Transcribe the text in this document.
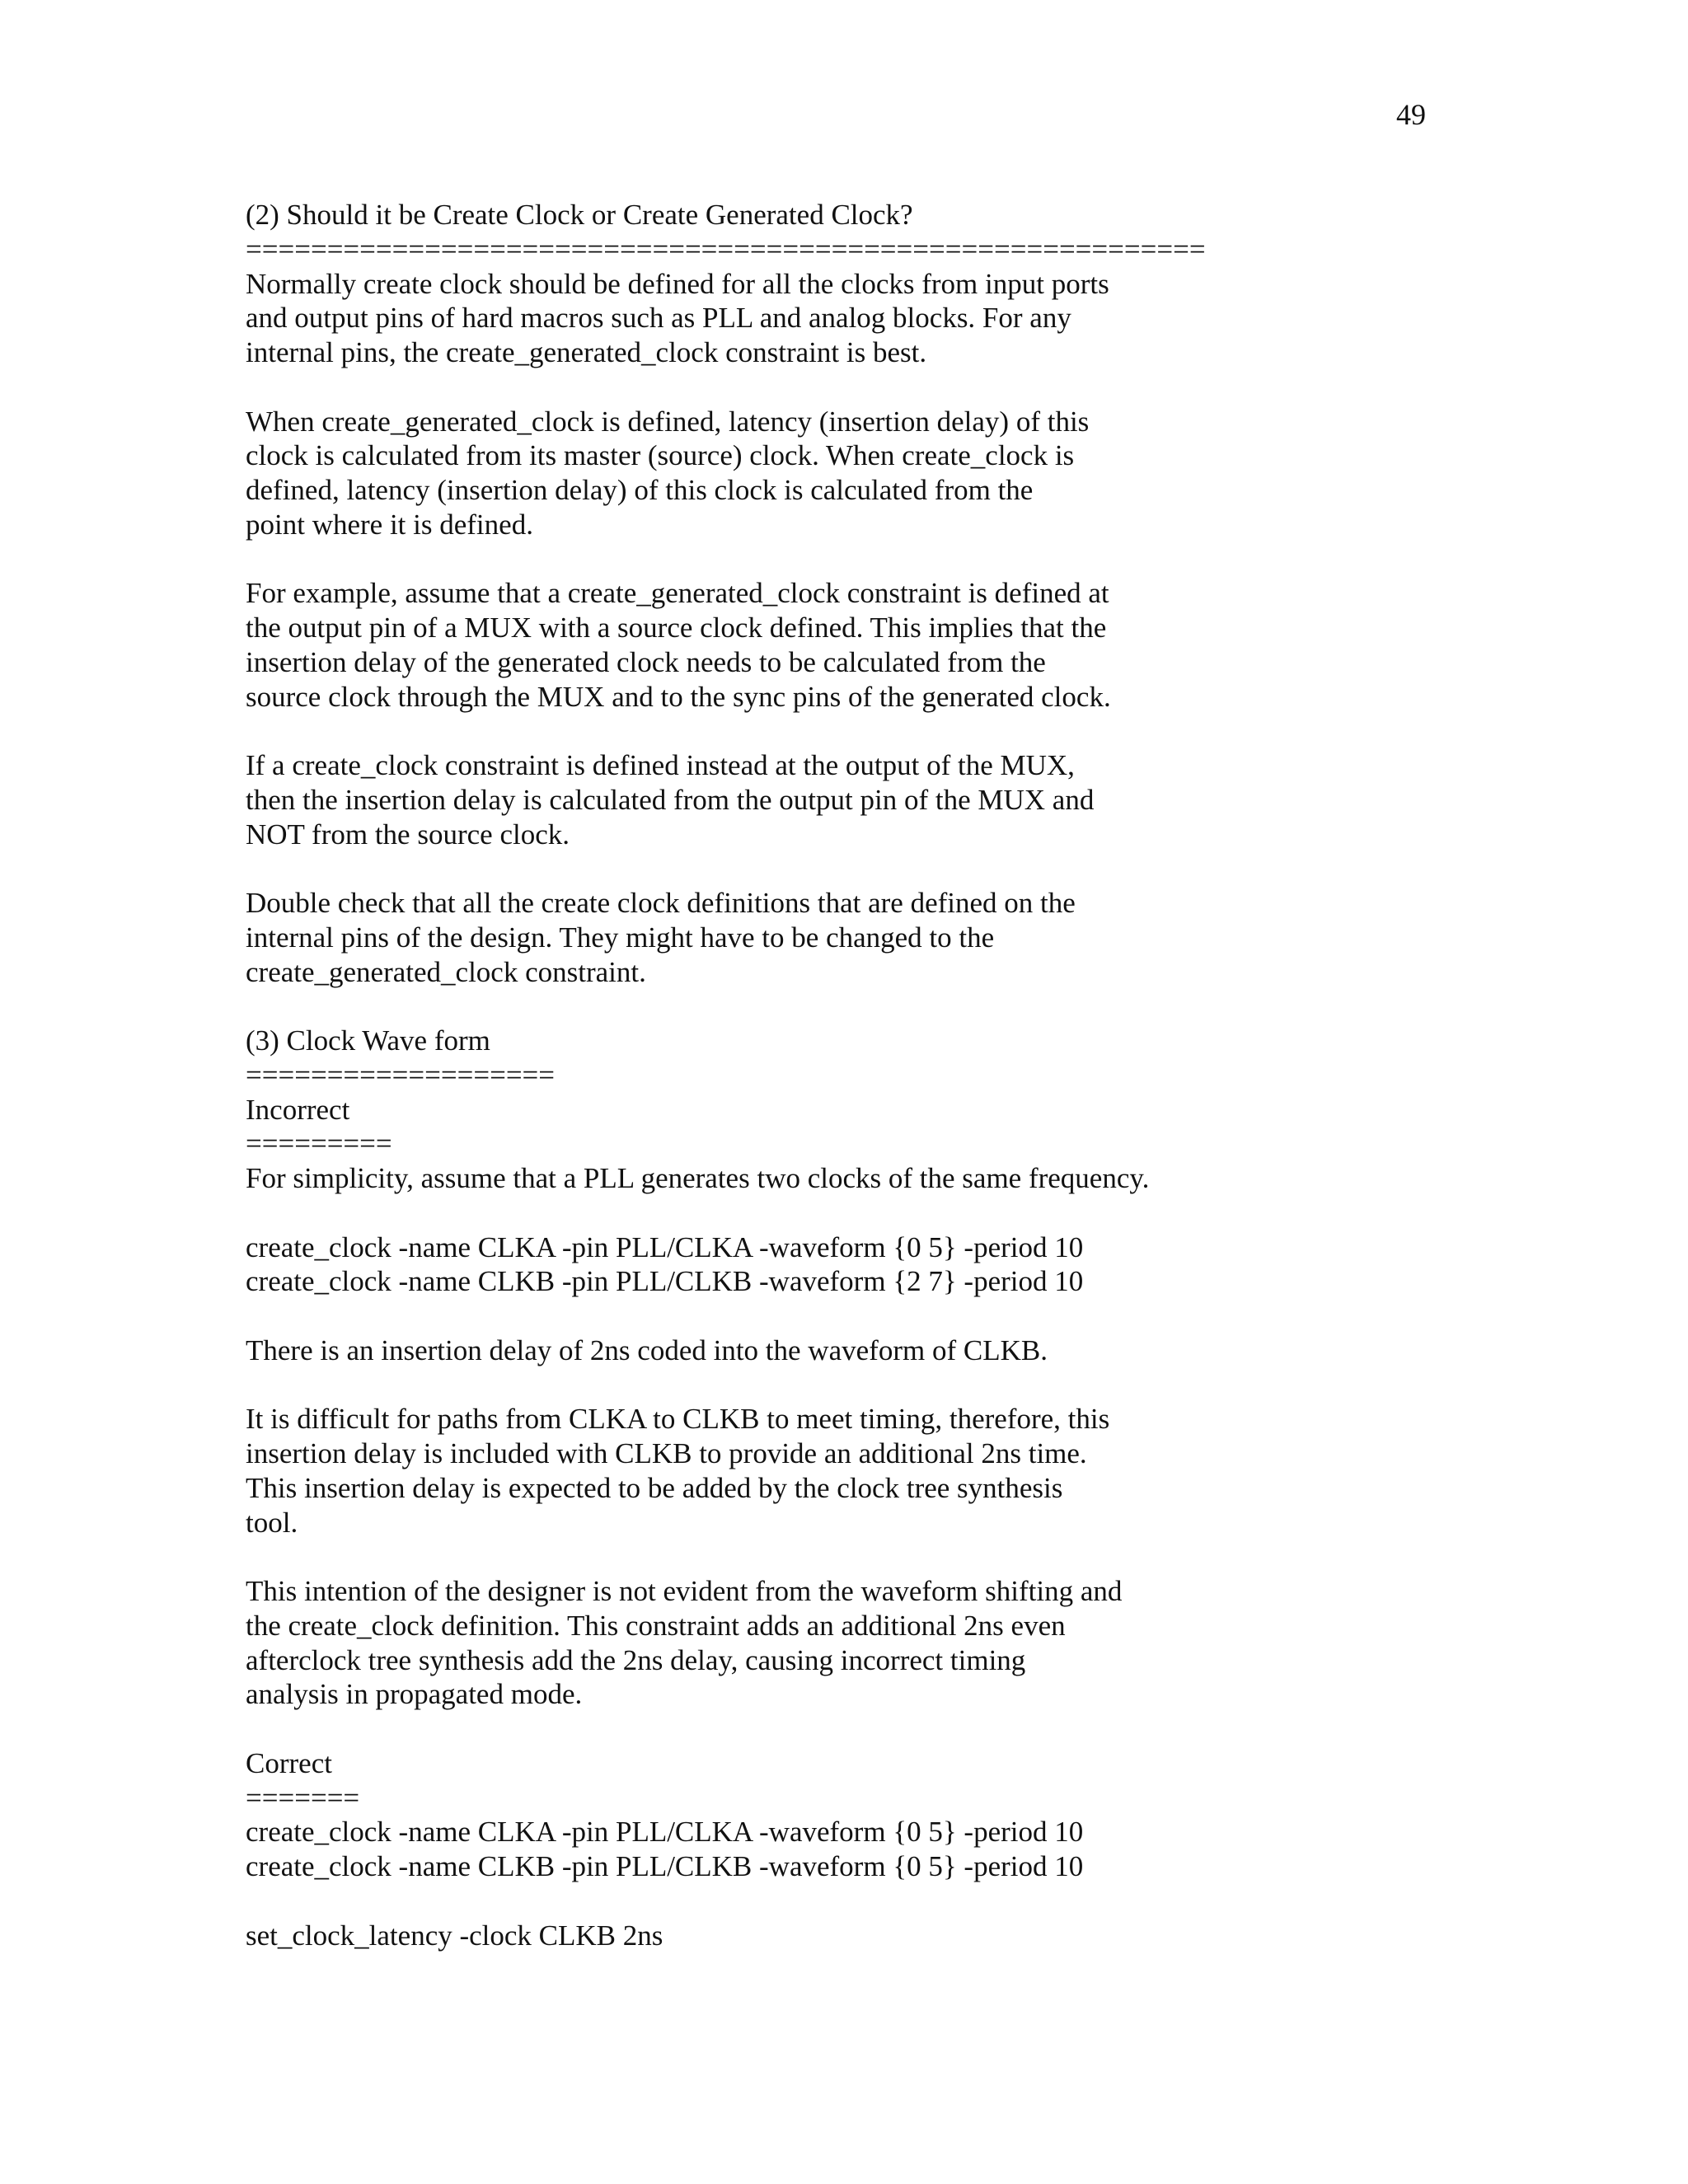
49
(2) Should it be Create Clock or Create Generated Clock?
===========================================================
Normally create clock should be defined for all the clocks from input ports
and output pins of hard macros such as PLL and analog blocks. For any
internal pins, the create_generated_clock constraint is best.
When create_generated_clock is defined, latency (insertion delay) of this
clock is calculated from its master (source) clock. When create_clock is
defined, latency (insertion delay) of this clock is calculated from the
point where it is defined.
For example, assume that a create_generated_clock constraint is defined at
the output pin of a MUX with a source clock defined. This implies that the
insertion delay of the generated clock needs to be calculated from the
source clock through the MUX and to the sync pins of the generated clock.
If a create_clock constraint is defined instead at the output of the MUX,
then the insertion delay is calculated from the output pin of the MUX and
NOT from the source clock.
Double check that all the create clock definitions that are defined on the
internal pins of the design. They might have to be changed to the
create_generated_clock constraint.
(3) Clock Wave form
===================
Incorrect
=========
For simplicity, assume that a PLL generates two clocks of the same frequency.
create_clock -name CLKA -pin PLL/CLKA -waveform {0 5} -period 10
create_clock -name CLKB -pin PLL/CLKB -waveform {2 7} -period 10
There is an insertion delay of 2ns coded into the waveform of CLKB.
It is difficult for paths from CLKA to CLKB to meet timing, therefore, this
insertion delay is included with CLKB to provide an additional 2ns time.
This insertion delay is expected to be added by the clock tree synthesis
tool.
This intention of the designer is not evident from the waveform shifting and
the create_clock definition. This constraint adds an additional 2ns even
afterclock tree synthesis add the 2ns delay, causing incorrect timing
analysis in propagated mode.
Correct
=======
create_clock -name CLKA -pin PLL/CLKA -waveform {0 5} -period 10
create_clock -name CLKB -pin PLL/CLKB -waveform {0 5} -period 10
set_clock_latency -clock CLKB 2ns
